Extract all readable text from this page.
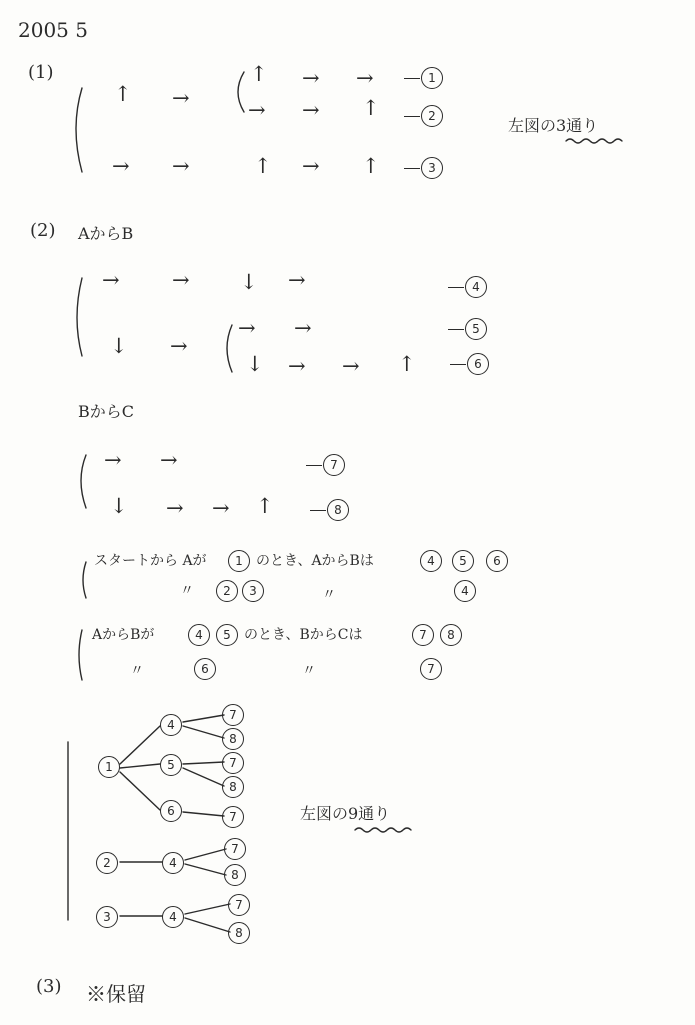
2005 5
(1)
↑ →
↑ → →
→ → ↑
→ →	↑ → ↑
1
2
3
左図の3通り
(2) AからB
→ → ↓ →
↓ →
→ →
↓ → → ↑
4
5
6
BからC
→ →
↓ → → ↑
7
8
スタートから Aが	1 のとき、AからBは	4	5	6
〃	2	3	〃	4
AからBが	4	5 のとき、BからCは	7	8
〃	6	〃	7
1
4
7
8
5	7
8
6	7
2	4
7
8
3	4
7
8
左図の9通り
(3) ※保留
